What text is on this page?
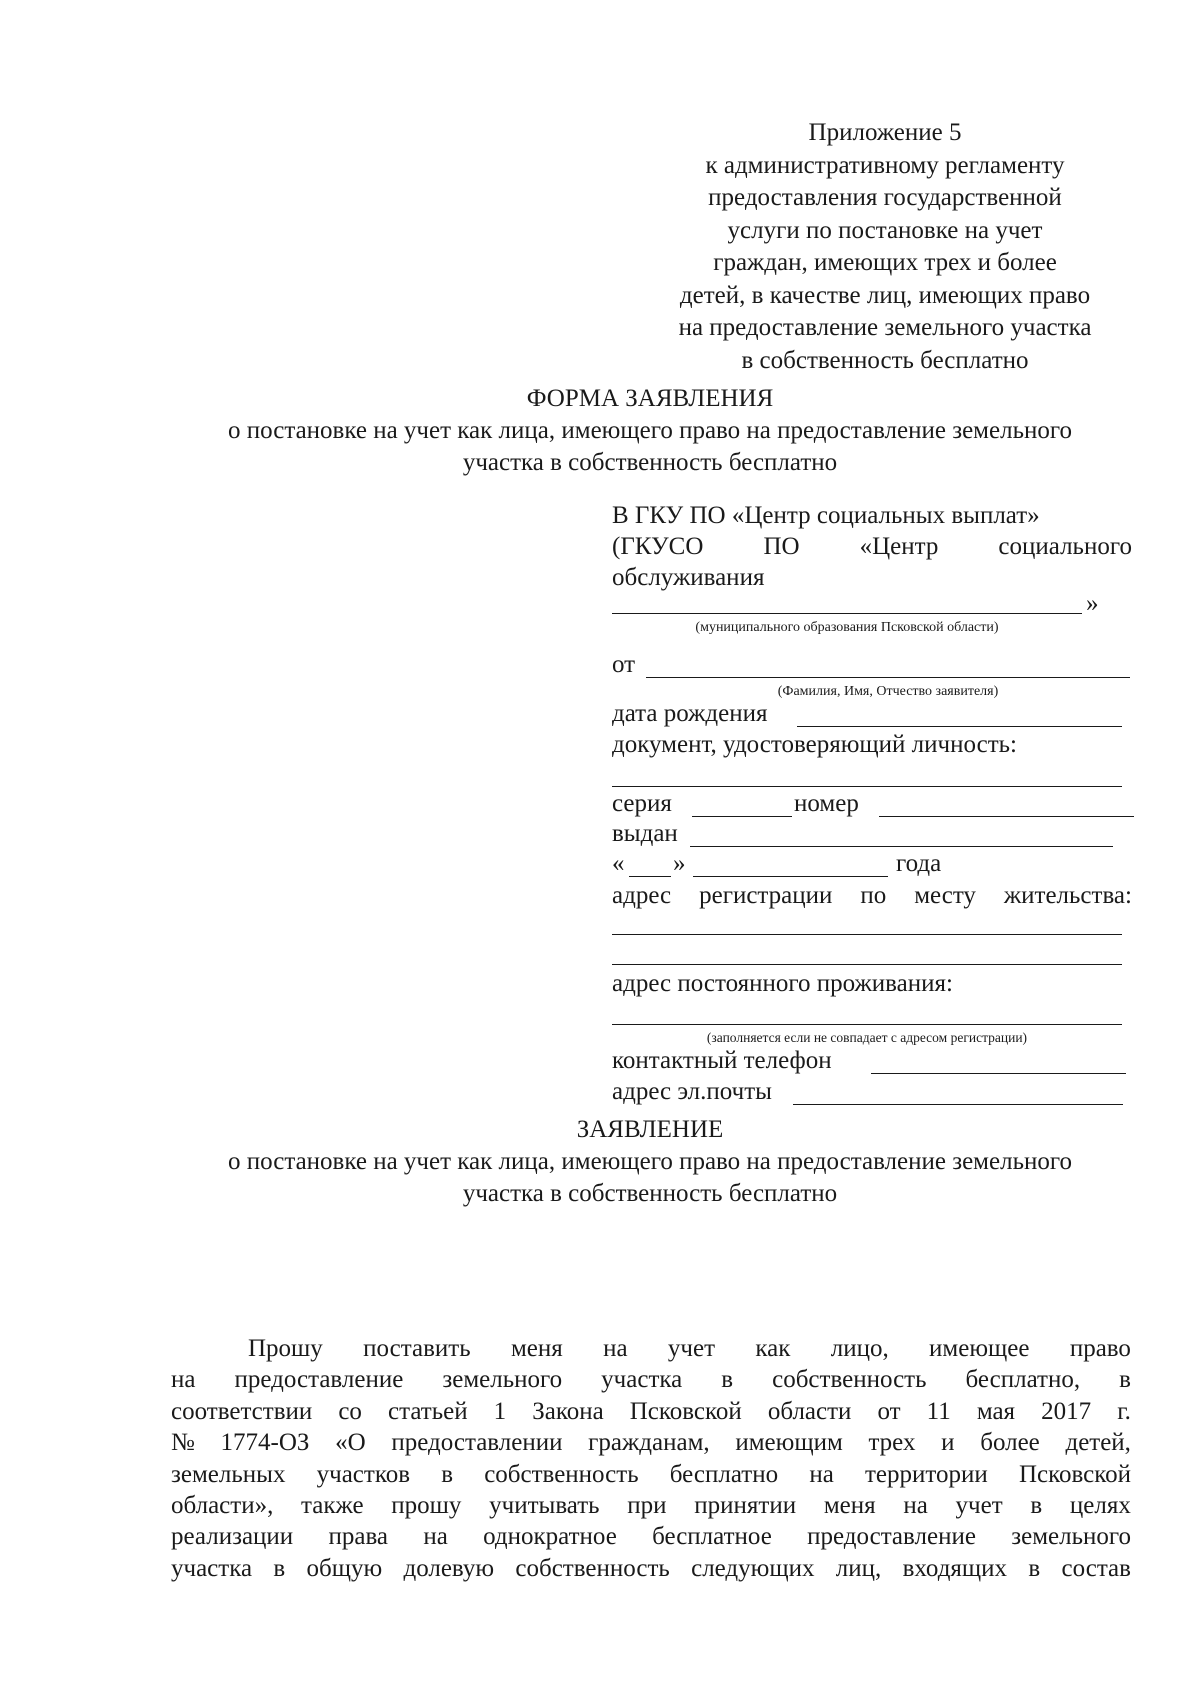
Приложение 5
к административному регламенту
предоставления государственной
услуги по постановке на учет
граждан, имеющих трех и более
детей, в качестве лиц, имеющих право
на предоставление земельного участка
в собственность бесплатно
ФОРМА ЗАЯВЛЕНИЯ
о постановке на учет как лица, имеющего право на предоставление земельного
участка в собственность бесплатно
В ГКУ ПО «Центр социальных выплат»
(ГКУСО ПО «Центр социального
обслуживания
»
(муниципального образования Псковской области)
от
(Фамилия, Имя, Отчество заявителя)
дата рождения
документ, удостоверяющий личность:
серия	номер
выдан
« »	года
адрес регистрации по месту жительства:
адрес постоянного проживания:
(заполняется если не совпадает с адресом регистрации)
контактный телефон
адрес эл.почты
ЗАЯВЛЕНИЕ
о постановке на учет как лица, имеющего право на предоставление земельного
участка в собственность бесплатно
Прошу поставить меня на учет как лицо, имеющее право
на предоставление земельного участка в собственность бесплатно, в
соответствии со статьей 1 Закона Псковской области от 11 мая 2017 г.
№ 1774-ОЗ «О предоставлении гражданам, имеющим трех и более детей,
земельных участков в собственность бесплатно на территории Псковской
области», также прошу учитывать при принятии меня на учет в целях
реализации права на однократное бесплатное предоставление земельного
участка в общую долевую собственность следующих лиц, входящих в состав
